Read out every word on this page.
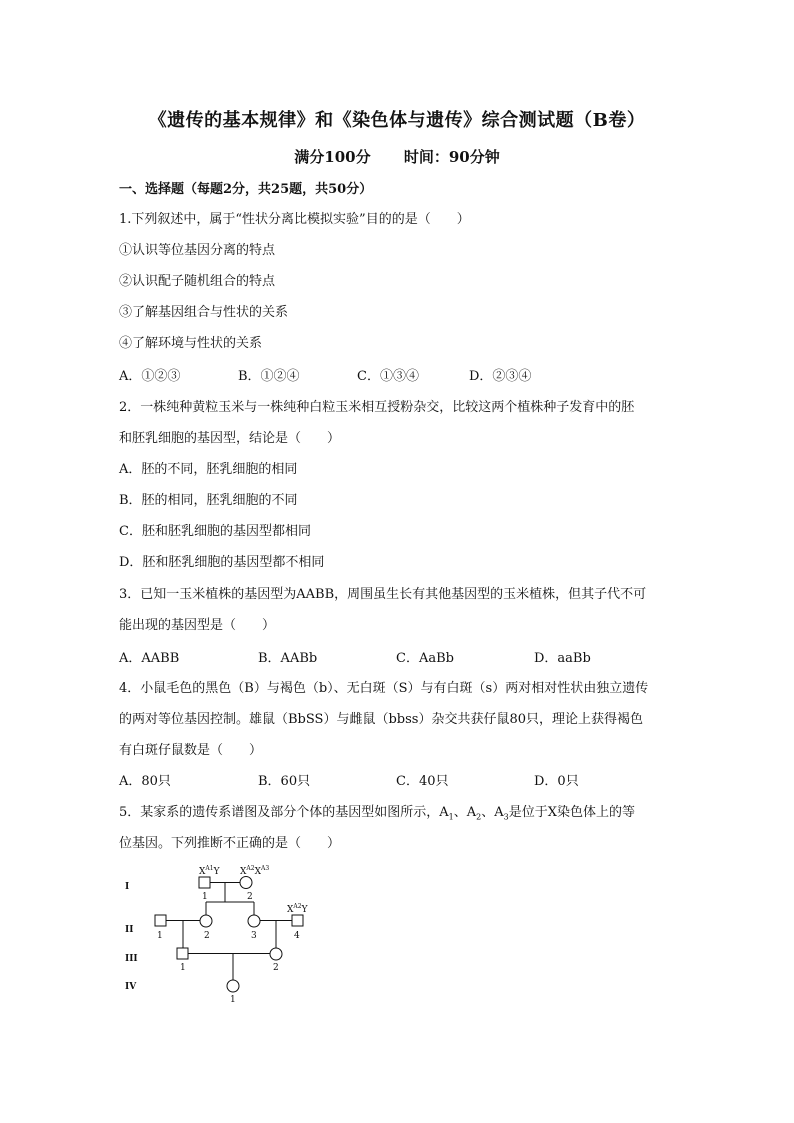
《遗传的基本规律》和《染色体与遗传》综合测试题（B卷）
满分100分 时间：90分钟
一、选择题（每题2分，共25题，共50分）
1.下列叙述中，属于“性状分离比模拟实验”目的的是（　　）
①认识等位基因分离的特点
②认识配子随机组合的特点
③了解基因组合与性状的关系
④了解环境与性状的关系
A．①②③	B．①②④	C．①③④	D．②③④
2．一株纯种黄粒玉米与一株纯种白粒玉米相互授粉杂交，比较这两个植株种子发育中的胚
和胚乳细胞的基因型，结论是（　　）
A．胚的不同，胚乳细胞的相同
B．胚的相同，胚乳细胞的不同
C．胚和胚乳细胞的基因型都相同
D．胚和胚乳细胞的基因型都不相同
3．已知一玉米植株的基因型为AABB，周围虽生长有其他基因型的玉米植株，但其子代不可
能出现的基因型是（　　）
A．AABB	B．AABb	C．AaBb	D．aaBb
4．小鼠毛色的黑色（B）与褐色（b）、无白斑（S）与有白斑（s）两对相对性状由独立遗传
的两对等位基因控制。雄鼠（BbSS）与雌鼠（bbss）杂交共获仔鼠80只，理论上获得褐色
有白斑仔鼠数是（　　）
A．80只	B．60只	C．40只	D．0只
5．某家系的遗传系谱图及部分个体的基因型如图所示，$A_1$、$A_2$、$A_3$是位于X染色体上的等
位基因。下列推断不正确的是（　　）
I
II
III
IV
1	2
$X^{A1}Y$ $X^{A2}X^{A3}$
1	2	3	4
$X^{A2}Y$
1	2
1
